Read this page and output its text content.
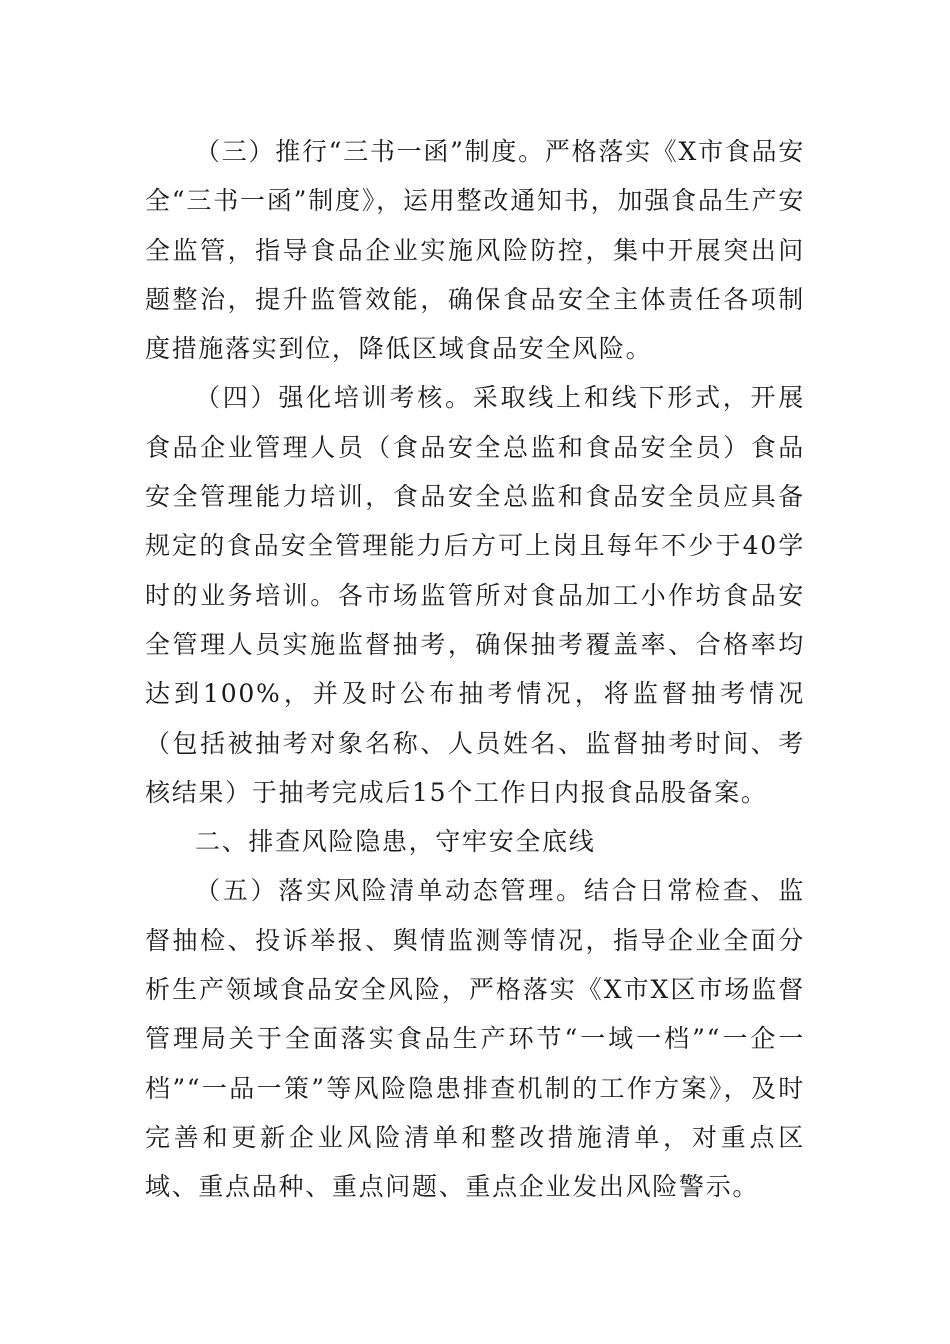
（三）推行“三书一函”制度。严格落实《X市食品安全“三书一函”制度》，运用整改通知书，加强食品生产安全监管，指导食品企业实施风险防控，集中开展突出问题整治，提升监管效能，确保食品安全主体责任各项制度措施落实到位，降低区域食品安全风险。

（四）强化培训考核。采取线上和线下形式，开展食品企业管理人员（食品安全总监和食品安全员）食品安全管理能力培训，食品安全总监和食品安全员应具备规定的食品安全管理能力后方可上岗且每年不少于40学时的业务培训。各市场监管所对食品加工小作坊食品安全管理人员实施监督抽考，确保抽考覆盖率、合格率均达到100%，并及时公布抽考情况，将监督抽考情况（包括被抽考对象名称、人员姓名、监督抽考时间、考核结果）于抽考完成后15个工作日内报食品股备案。

二、排查风险隐患，守牢安全底线

（五）落实风险清单动态管理。结合日常检查、监督抽检、投诉举报、舆情监测等情况，指导企业全面分析生产领域食品安全风险，严格落实《X市X区市场监督管理局关于全面落实食品生产环节“一域一档”“一企一档”“一品一策”等风险隐患排查机制的工作方案》，及时完善和更新企业风险清单和整改措施清单，对重点区域、重点品种、重点问题、重点企业发出风险警示。
